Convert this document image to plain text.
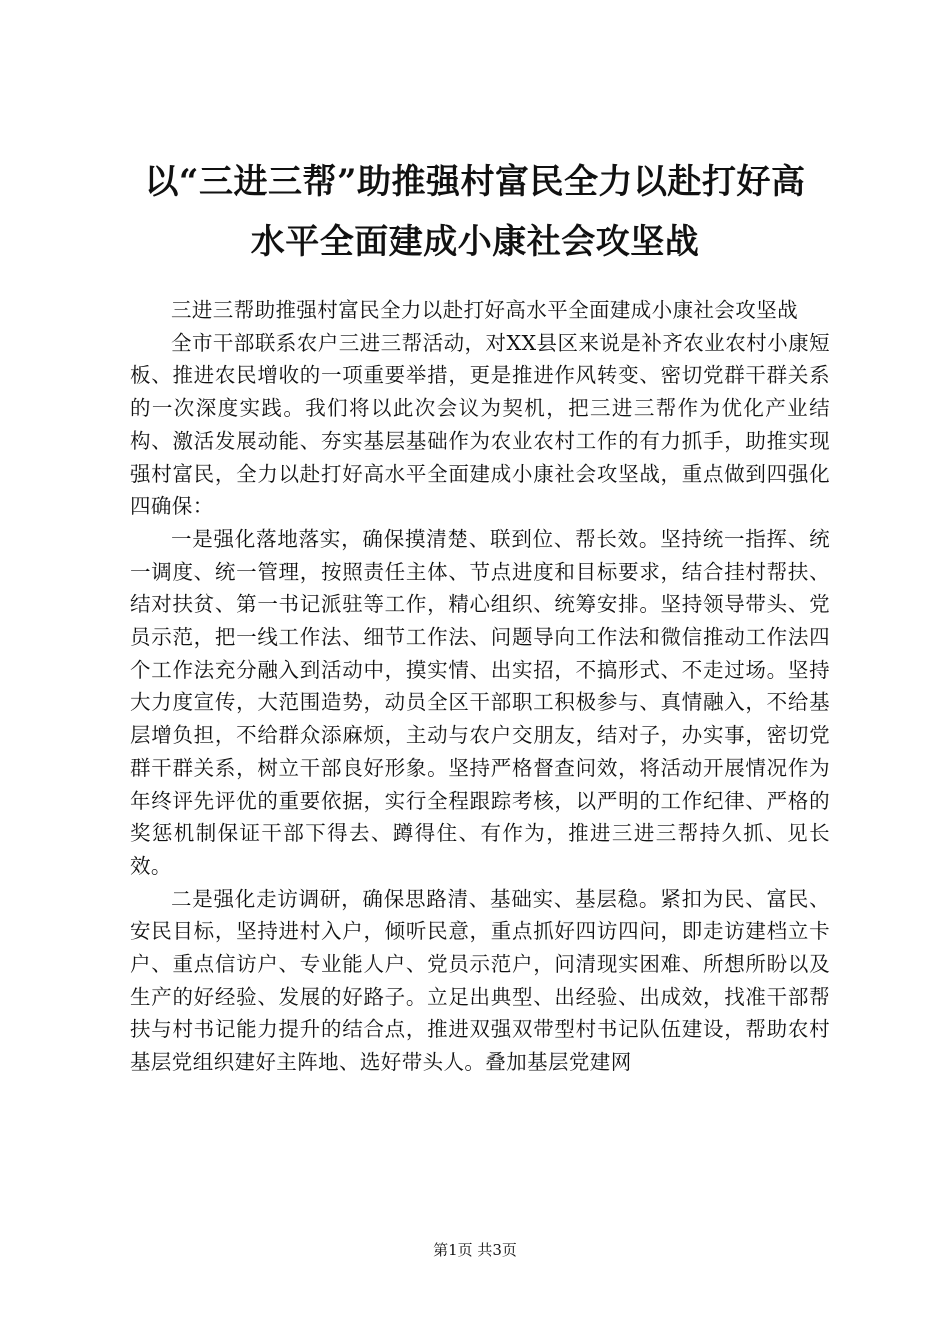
以“三进三帮”助推强村富民全力以赴打好高
水平全面建成小康社会攻坚战

三进三帮助推强村富民全力以赴打好高水平全面建成小康社会攻坚战

全市干部联系农户三进三帮活动，对XX县区来说是补齐农业农村小康短板、推进农民增收的一项重要举措，更是推进作风转变、密切党群干群关系的一次深度实践。我们将以此次会议为契机，把三进三帮作为优化产业结构、激活发展动能、夯实基层基础作为农业农村工作的有力抓手，助推实现强村富民，全力以赴打好高水平全面建成小康社会攻坚战，重点做到四强化四确保：

一是强化落地落实，确保摸清楚、联到位、帮长效。坚持统一指挥、统一调度、统一管理，按照责任主体、节点进度和目标要求，结合挂村帮扶、结对扶贫、第一书记派驻等工作，精心组织、统筹安排。坚持领导带头、党员示范，把一线工作法、细节工作法、问题导向工作法和微信推动工作法四个工作法充分融入到活动中，摸实情、出实招，不搞形式、不走过场。坚持大力度宣传，大范围造势，动员全区干部职工积极参与、真情融入，不给基层增负担，不给群众添麻烦，主动与农户交朋友，结对子，办实事，密切党群干群关系，树立干部良好形象。坚持严格督查问效，将活动开展情况作为年终评先评优的重要依据，实行全程跟踪考核，以严明的工作纪律、严格的奖惩机制保证干部下得去、蹲得住、有作为，推进三进三帮持久抓、见长效。

二是强化走访调研，确保思路清、基础实、基层稳。紧扣为民、富民、安民目标，坚持进村入户，倾听民意，重点抓好四访四问，即走访建档立卡户、重点信访户、专业能人户、党员示范户，问清现实困难、所想所盼以及生产的好经验、发展的好路子。立足出典型、出经验、出成效，找准干部帮扶与村书记能力提升的结合点，推进双强双带型村书记队伍建设，帮助农村基层党组织建好主阵地、选好带头人。叠加基层党建网

第1页 共3页
